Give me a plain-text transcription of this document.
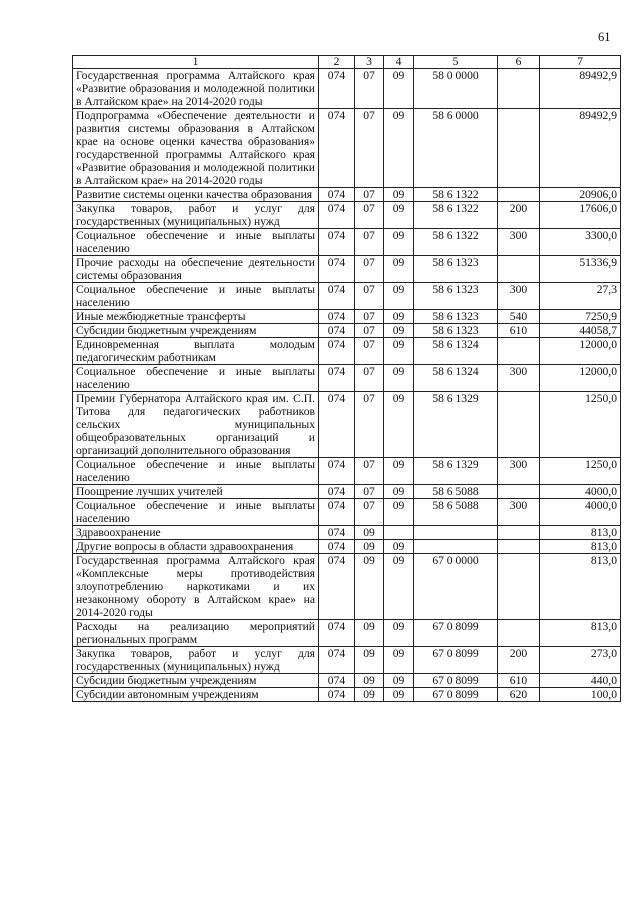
61
1	2	3	4	5	6	7
Государственная программа Алтайского края «Развитие образования и молодежной политики в Алтайском крае» на 2014-2020 годы	074	07	09	58 0 0000		89492,9
Подпрограмма «Обеспечение деятельности и развития системы образования в Алтайском крае на основе оценки качества образования» государственной программы Алтайского края «Развитие образования и молодежной политики в Алтайском крае» на 2014-2020 годы	074	07	09	58 6 0000		89492,9
Развитие системы оценки качества образования	074	07	09	58 6 1322		20906,0
Закупка товаров, работ и услуг для государственных (муниципальных) нужд	074	07	09	58 6 1322	200	17606,0
Социальное обеспечение и иные выплаты населению	074	07	09	58 6 1322	300	3300,0
Прочие расходы на обеспечение деятельности системы образования	074	07	09	58 6 1323		51336,9
Социальное обеспечение и иные выплаты населению	074	07	09	58 6 1323	300	27,3
Иные межбюджетные трансферты	074	07	09	58 6 1323	540	7250,9
Субсидии бюджетным учреждениям	074	07	09	58 6 1323	610	44058,7
Единовременная выплата молодым педагогическим работникам	074	07	09	58 6 1324		12000,0
Социальное обеспечение и иные выплаты населению	074	07	09	58 6 1324	300	12000,0
Премии Губернатора Алтайского края им. С.П. Титова для педагогических работников сельских муниципальных общеобразовательных организаций и организаций дополнительного образования	074	07	09	58 6 1329		1250,0
Социальное обеспечение и иные выплаты населению	074	07	09	58 6 1329	300	1250,0
Поощрение лучших учителей	074	07	09	58 6 5088		4000,0
Социальное обеспечение и иные выплаты населению	074	07	09	58 6 5088	300	4000,0
Здравоохранение	074	09				813,0
Другие вопросы в области здравоохранения	074	09	09			813,0
Государственная программа Алтайского края «Комплексные меры противодействия злоупотреблению наркотиками и их незаконному обороту в Алтайском крае» на 2014-2020 годы	074	09	09	67 0 0000		813,0
Расходы на реализацию мероприятий региональных программ	074	09	09	67 0 8099		813,0
Закупка товаров, работ и услуг для государственных (муниципальных) нужд	074	09	09	67 0 8099	200	273,0
Субсидии бюджетным учреждениям	074	09	09	67 0 8099	610	440,0
Субсидии автономным учреждениям	074	09	09	67 0 8099	620	100,0
